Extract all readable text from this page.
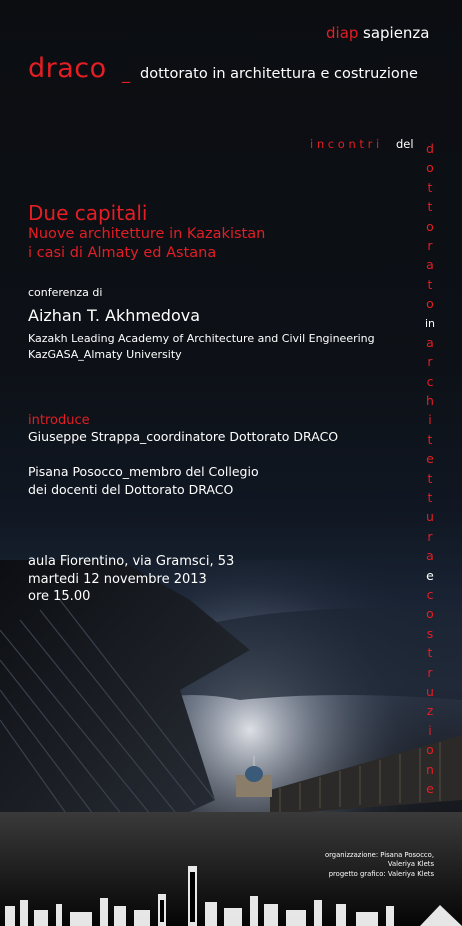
diap sapienza
draco _ dottorato in architettura e costruzione
i n c o n t r i del d
o
t
t
o
r
a
t
o
in
a
r
c
h
i
t
e
t
t
u
r
a
e
c
o
s
t
r
u
z
i
o
n
e
Due capitali
Nuove architetture in Kazakistan
i casi di Almaty ed Astana
conferenza di
Aizhan T. Akhmedova
Kazakh Leading Academy of Architecture and Civil Engineering
KazGASA_Almaty University
introduce
Giuseppe Strappa_coordinatore Dottorato DRACO
Pisana Posocco_membro del Collegio
dei docenti del Dottorato DRACO
aula Fiorentino, via Gramsci, 53
martedi 12 novembre 2013
ore 15.00
organizzazione: Pisana Posocco,
Valeriya Klets
progetto grafico: Valeriya Klets
